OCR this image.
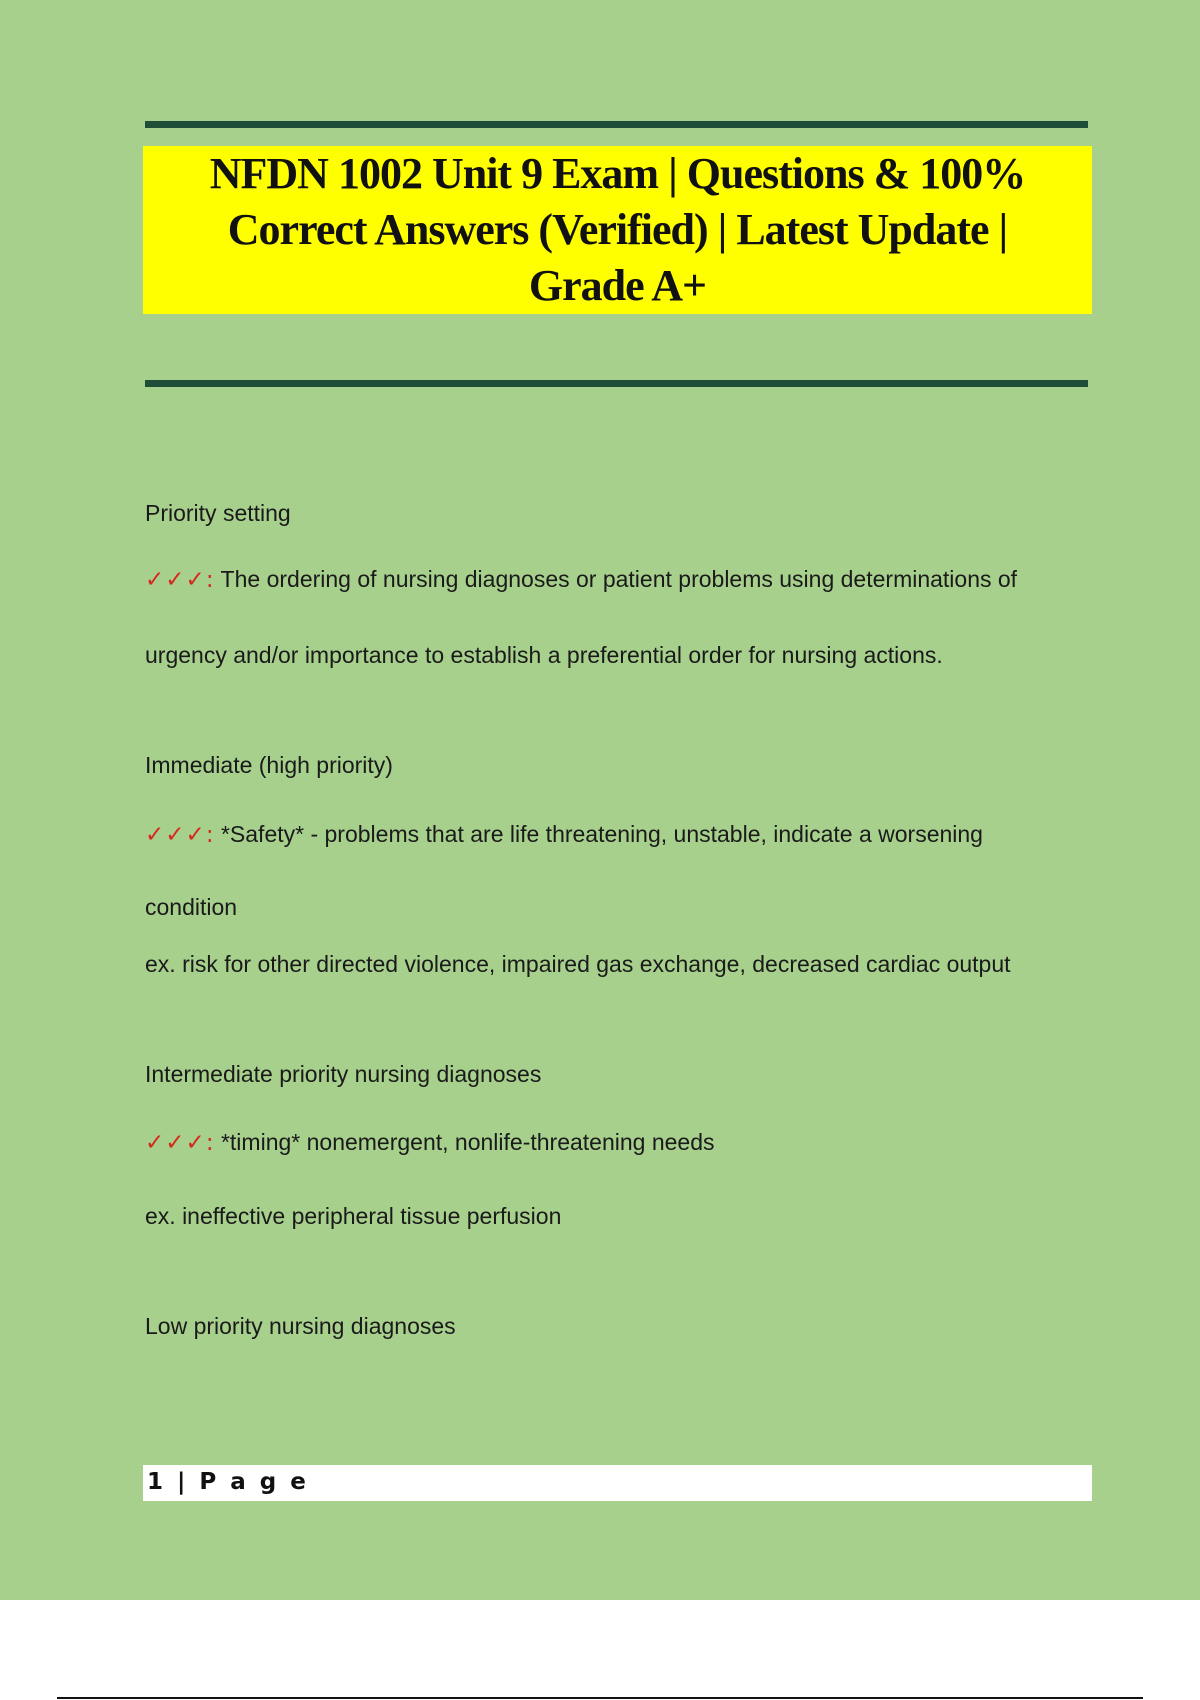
NFDN 1002 Unit 9 Exam | Questions & 100% Correct Answers (Verified) | Latest Update | Grade A+
Priority setting
✓✓✓: The ordering of nursing diagnoses or patient problems using determinations of
urgency and/or importance to establish a preferential order for nursing actions.
Immediate (high priority)
✓✓✓: *Safety* - problems that are life threatening, unstable, indicate a worsening
condition
ex. risk for other directed violence, impaired gas exchange, decreased cardiac output
Intermediate priority nursing diagnoses
✓✓✓: *timing* nonemergent, nonlife-threatening needs
ex. ineffective peripheral tissue perfusion
Low priority nursing diagnoses
1 | P a g e
